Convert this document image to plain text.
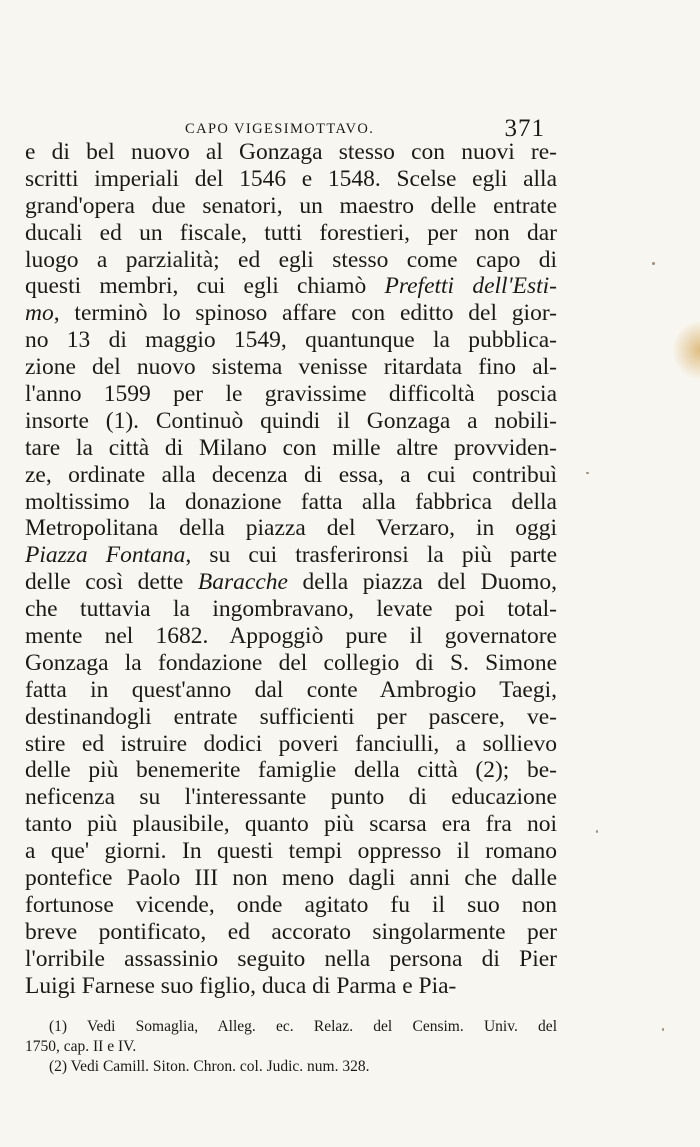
CAPO VIGESIMOTTAVO.	371
e di bel nuovo al Gonzaga stesso con nuovi re-
scritti imperiali del 1546 e 1548. Scelse egli alla
grand'opera due senatori, un maestro delle entrate
ducali ed un fiscale, tutti forestieri, per non dar
luogo a parzialità; ed egli stesso come capo di
questi membri, cui egli chiamò Prefetti dell'Esti-
mo, terminò lo spinoso affare con editto del gior-
no 13 di maggio 1549, quantunque la pubblica-
zione del nuovo sistema venisse ritardata fino al-
l'anno 1599 per le gravissime difficoltà poscia
insorte (1). Continuò quindi il Gonzaga a nobili-
tare la città di Milano con mille altre provviden-
ze, ordinate alla decenza di essa, a cui contribuì
moltissimo la donazione fatta alla fabbrica della
Metropolitana della piazza del Verzaro, in oggi
Piazza Fontana, su cui trasferironsi la più parte
delle così dette Baracche della piazza del Duomo,
che tuttavia la ingombravano, levate poi total-
mente nel 1682. Appoggiò pure il governatore
Gonzaga la fondazione del collegio di S. Simone
fatta in quest'anno dal conte Ambrogio Taegi,
destinandogli entrate sufficienti per pascere, ve-
stire ed istruire dodici poveri fanciulli, a sollievo
delle più benemerite famiglie della città (2); be-
neficenza su l'interessante punto di educazione
tanto più plausibile, quanto più scarsa era fra noi
a que' giorni. In questi tempi oppresso il romano
pontefice Paolo III non meno dagli anni che dalle
fortunose vicende, onde agitato fu il suo non
breve pontificato, ed accorato singolarmente per
l'orribile assassinio seguito nella persona di Pier
Luigi Farnese suo figlio, duca di Parma e Pia-
(1) Vedi Somaglia, Alleg. ec. Relaz. del Censim. Univ. del
1750, cap. II e IV.
(2) Vedi Camill. Siton. Chron. col. Judic. num. 328.
